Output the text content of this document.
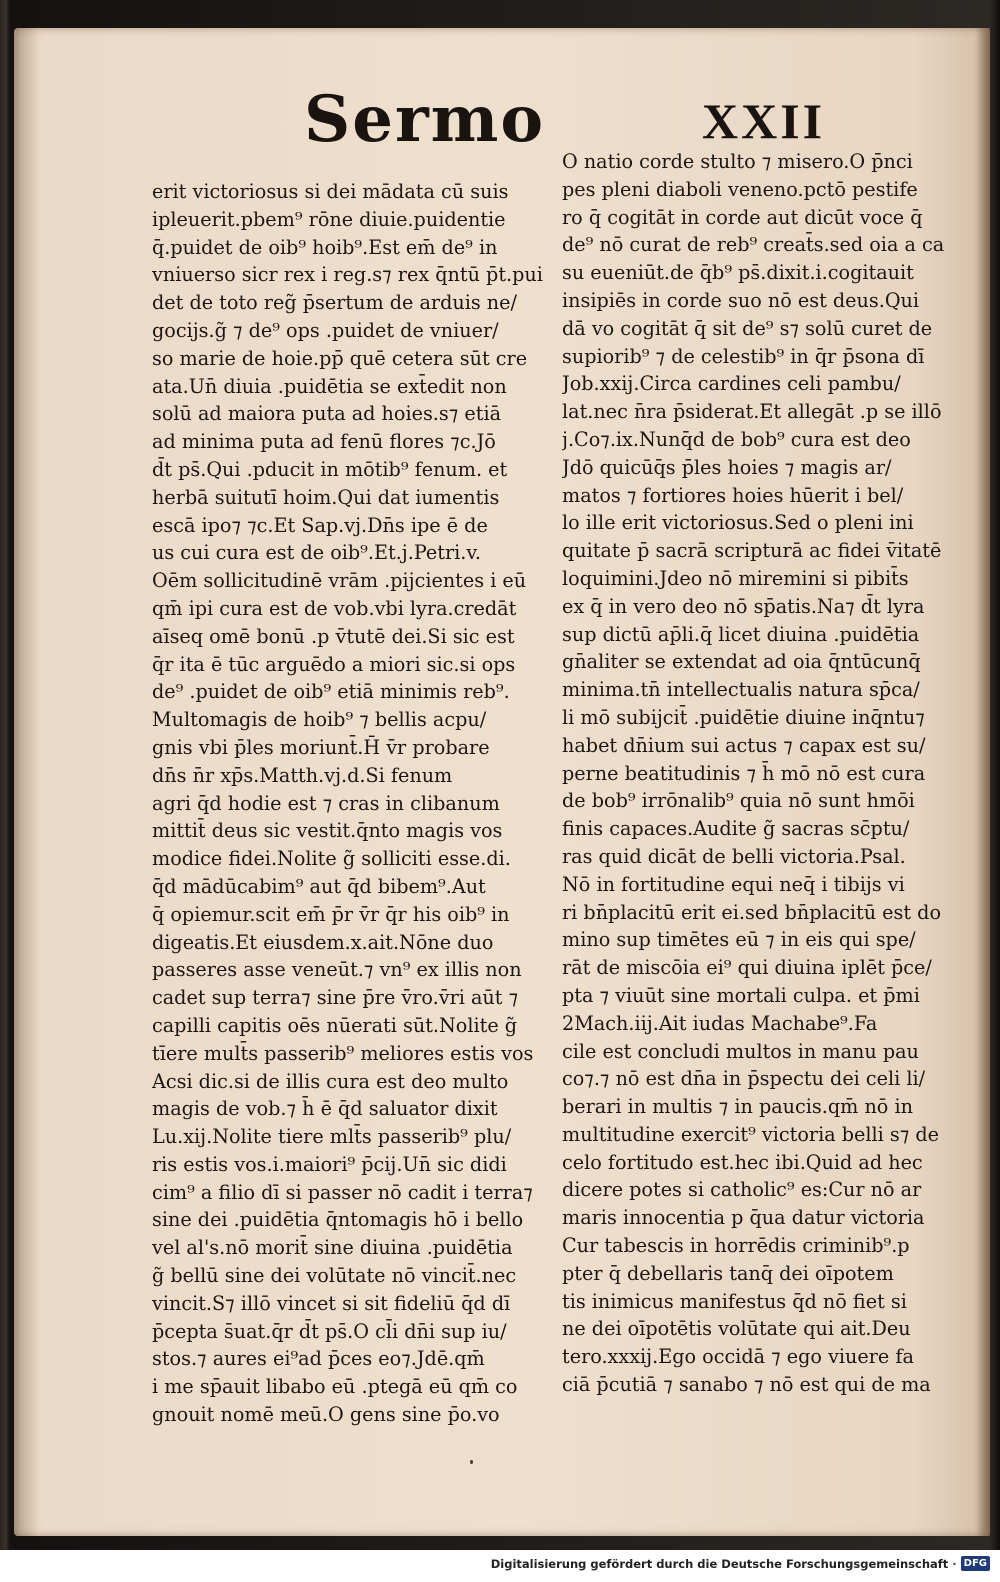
Sermo	XXII
erit victoriosus si dei mādata cū suis
ipleuerit.pbem⁹ rōne diuie.puidentie
q̄.puidet de oib⁹ hoib⁹.Est em̄ de⁹ in
vniuerso sicr rex i reg.s⁊ rex q̄ntū p̄t.pui
det de toto reg̃ p̄sertum de arduis ne/
gocijs.g̃ ⁊ de⁹ ops .puidet de vniuer/
so marie de hoie.pp̄ quē cetera sūt cre
ata.Un̄ diuia .puidētia se ext̄edit non
solū ad maiora puta ad hoies.s⁊ etiā
ad minima puta ad fenū flores ⁊c.Jō
d̄t ps̄.Qui .pducit in mōtib⁹ fenum. et
herbā suitutī hoim.Qui dat iumentis
escā ipo⁊ ⁊c.Et Sap.vj.Dn̄s ipe ē de
us cui cura est de oib⁹.Et.j.Petri.v.
Oēm sollicitudinē vrām .pijcientes i eū
qm̄ ipi cura est de vob.vbi lyra.credāt
aīseq omē bonū .p v̄tutē dei.Si sic est
q̄r ita ē tūc arguēdo a miori sic.si ops
de⁹ .puidet de oib⁹ etiā minimis reb⁹.
Multomagis de hoib⁹ ⁊ bellis acpu/
gnis vbi p̄les moriunt̄.H̄ v̄r probare
dn̄s n̄r xp̄s.Matth.vj.d.Si fenum
agri q̄d hodie est ⁊ cras in clibanum
mittit̄ deus sic vestit.q̄nto magis vos
modice fidei.Nolite g̃ solliciti esse.di.
q̄d mādūcabim⁹ aut q̄d bibem⁹.Aut
q̄ opiemur.scit em̄ p̄r v̄r q̄r his oib⁹ in
digeatis.Et eiusdem.x.ait.Nōne duo
passeres asse veneūt.⁊ vn⁹ ex illis non
cadet sup terra⁊ sine p̄re v̄ro.v̄ri aūt ⁊
capilli capitis oēs nūerati sūt.Nolite g̃
tīere mult̄s passerib⁹ meliores estis vos
Acsi dic.si de illis cura est deo multo
magis de vob.⁊ h̄ ē q̄d saluator dixit
Lu.xij.Nolite tiere mlt̄s passerib⁹ plu/
ris estis vos.i.maiori⁹ p̄cij.Un̄ sic didi
cim⁹ a filio dī si passer nō cadit i terra⁊
sine dei .puidētia q̄ntomagis hō i bello
vel al's.nō morit̄ sine diuina .puidētia
g̃ bellū sine dei volūtate nō vincit̄.nec
vincit.S⁊ illō vincet si sit fideliū q̄d dī
p̄cepta s̄uat.q̄r d̄t ps̄.O cl̄i dn̄i sup iu/
stos.⁊ aures ei⁹ad p̄ces eo⁊.Jdē.qm̄
i me sp̄auit libabo eū .ptegā eū qm̄ co
gnouit nomē meū.O gens sine p̄o.vo
O natio corde stulto ⁊ misero.O p̄nci
pes pleni diaboli veneno.pctō pestife
ro q̄ cogitāt in corde aut dicūt voce q̄
de⁹ nō curat de reb⁹ creat̄s.sed oia a ca
su eueniūt.de q̄b⁹ ps̄.dixit.i.cogitauit
insipiēs in corde suo nō est deus.Qui
dā vo cogitāt q̄ sit de⁹ s⁊ solū curet de
supiorib⁹ ⁊ de celestib⁹ in q̄r p̄sona dī
Job.xxij.Circa cardines celi pambu/
lat.nec n̄ra p̄siderat.Et allegāt .p se illō
j.Co⁊.ix.Nunq̄d de bob⁹ cura est deo
Jdō quicūq̄s p̄les hoies ⁊ magis ar/
matos ⁊ fortiores hoies hūerit i bel/
lo ille erit victoriosus.Sed o pleni ini
quitate p̄ sacrā scripturā ac fidei v̄itatē
loquimini.Jdeo nō miremini si pibit̄s
ex q̄ in vero deo nō sp̄atis.Na⁊ d̄t lyra
sup dictū ap̄li.q̄ licet diuina .puidētia
gn̄aliter se extendat ad oia q̄ntūcunq̄
minima.tn̄ intellectualis natura sp̄ca/
li mō subijcit̄ .puidētie diuine inq̄ntu⁊
habet dn̄ium sui actus ⁊ capax est su/
perne beatitudinis ⁊ h̄ mō nō est cura
de bob⁹ irrōnalib⁹ quia nō sunt hmōi
finis capaces.Audite g̃ sacras sc̄ptu/
ras quid dicāt de belli victoria.Psal.
Nō in fortitudine equi neq̄ i tibijs vi
ri bn̄placitū erit ei.sed bn̄placitū est do
mino sup timētes eū ⁊ in eis qui spe/
rāt de miscōia ei⁹ qui diuina iplēt p̄ce/
pta ⁊ viuūt sine mortali culpa. et p̄mi
2Mach.iij.Ait iudas Machabe⁹.Fa
cile est concludi multos in manu pau
co⁊.⁊ nō est dn̄a in p̄spectu dei celi li/
berari in multis ⁊ in paucis.qm̄ nō in
multitudine exercit⁹ victoria belli s⁊ de
celo fortitudo est.hec ibi.Quid ad hec
dicere potes si catholic⁹ es:Cur nō ar
maris innocentia p q̄ua datur victoria
Cur tabescis in horrēdis criminib⁹.p
pter q̄ debellaris tanq̄ dei oīpotem
tis inimicus manifestus q̄d nō fiet si
ne dei oīpotētis volūtate qui ait.Deu
tero.xxxij.Ego occidā ⁊ ego viuere fa
ciā p̄cutiā ⁊ sanabo ⁊ nō est qui de ma
Digitalisierung gefördert durch die Deutsche Forschungsgemeinschaft · DFG
